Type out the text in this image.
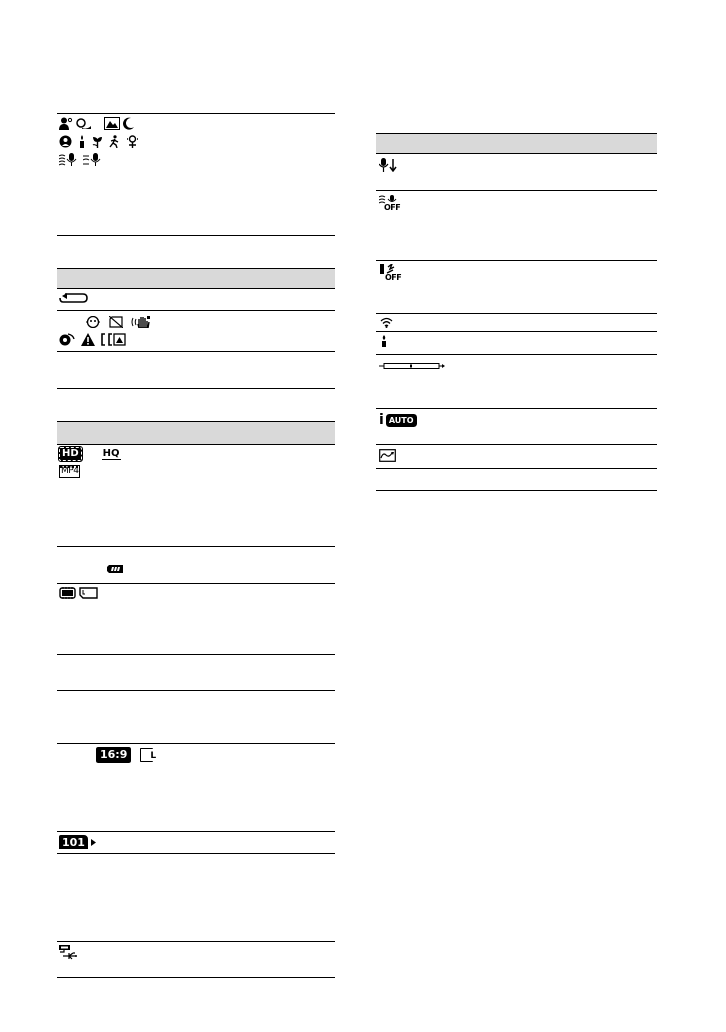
HD	HQ
MP4
16:9	L
101
OFF
OFF
i AUTO
